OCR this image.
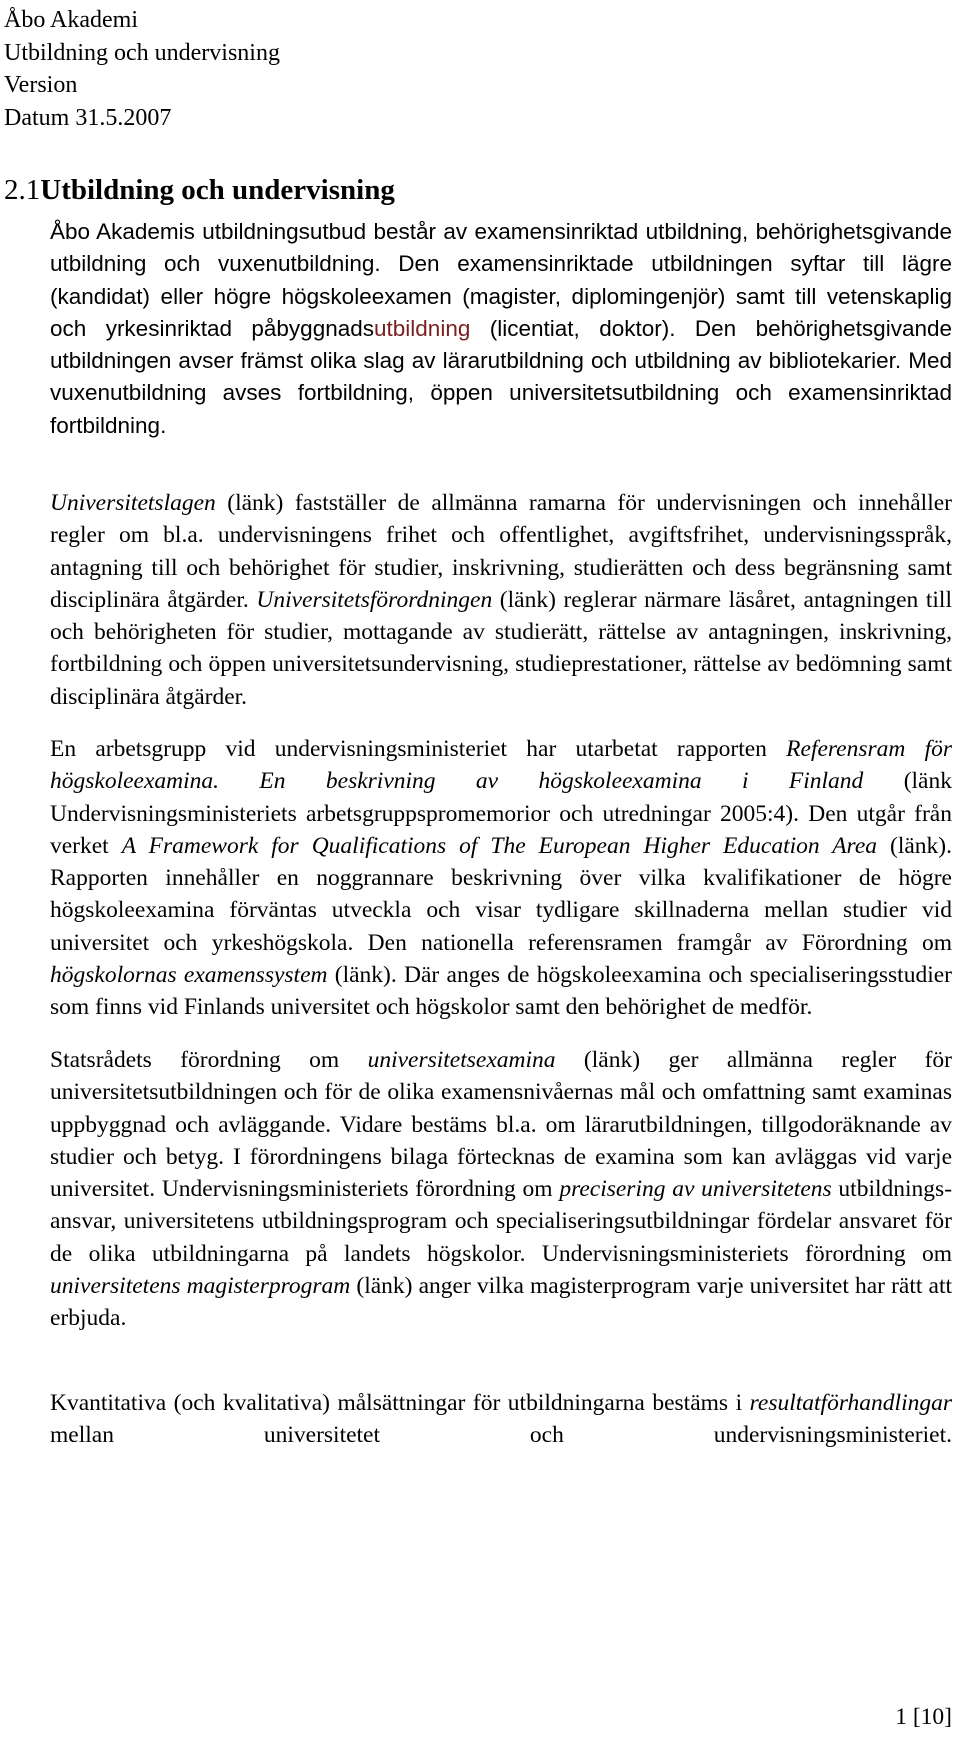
Åbo Akademi
Utbildning och undervisning
Version
Datum 31.5.2007
2.1Utbildning och undervisning

Åbo Akademis utbildningsutbud består av examensinriktad utbildning, behörighetsgivande utbildning och vuxenutbildning. Den examensinriktade utbildningen syftar till lägre (kandidat) eller högre högskoleexamen (magister, diplomingenjör) samt till vetenskaplig och yrkesinriktad påbyggnadsutbildning (licentiat, doktor). Den behörighetsgivande utbildningen avser främst olika slag av lärarutbildning och utbildning av bibliotekarier. Med vuxenutbildning avses fortbildning, öppen universitetsutbildning och examensinriktad fortbildning.

Universitetslagen (länk) fastställer de allmänna ramarna för undervisningen och innehåller regler om bl.a. undervisningens frihet och offentlighet, avgiftsfrihet, undervisningsspråk, antagning till och behörighet för studier, inskrivning, studierätten och dess begränsning samt disciplinära åtgärder. Universitetsförordningen (länk) reglerar närmare läsåret, antagningen till och behörigheten för studier, mottagande av studierätt, rättelse av antagningen, inskrivning, fortbildning och öppen universitetsundervisning, studieprestationer, rättelse av bedömning samt disciplinära åtgärder.

En arbetsgrupp vid undervisningsministeriet har utarbetat rapporten Referensram för högskoleexamina. En beskrivning av högskoleexamina i Finland (länk Undervisningsministeriets arbetsgruppspromemorior och utredningar 2005:4). Den utgår från verket A Framework for Qualifications of The European Higher Education Area (länk). Rapporten innehåller en noggrannare beskrivning över vilka kvalifikationer de högre högskoleexamina förväntas utveckla och visar tydligare skillnaderna mellan studier vid universitet och yrkeshögskola. Den nationella referensramen framgår av Förordning om högskolornas examenssystem (länk). Där anges de högskoleexamina och specialiseringsstudier som finns vid Finlands universitet och högskolor samt den behörighet de medför.

Statsrådets förordning om universitetsexamina (länk) ger allmänna regler för universitetsutbildningen och för de olika examensnivåernas mål och omfattning samt examinas uppbyggnad och avläggande. Vidare bestäms bl.a. om lärarutbildningen, tillgodoräknande av studier och betyg. I förordningens bilaga förtecknas de examina som kan avläggas vid varje universitet. Undervisningsministeriets förordning om precisering av universitetens utbildningsansvar, universitetens utbildningsprogram och specialiseringsutbildningar fördelar ansvaret för de olika utbildningarna på landets högskolor. Undervisningsministeriets förordning om universitetens magisterprogram (länk) anger vilka magisterprogram varje universitet har rätt att erbjuda.

Kvantitativa (och kvalitativa) målsättningar för utbildningarna bestäms i resultatförhandlingar mellan universitetet och undervisningsministeriet.

1 [10]
